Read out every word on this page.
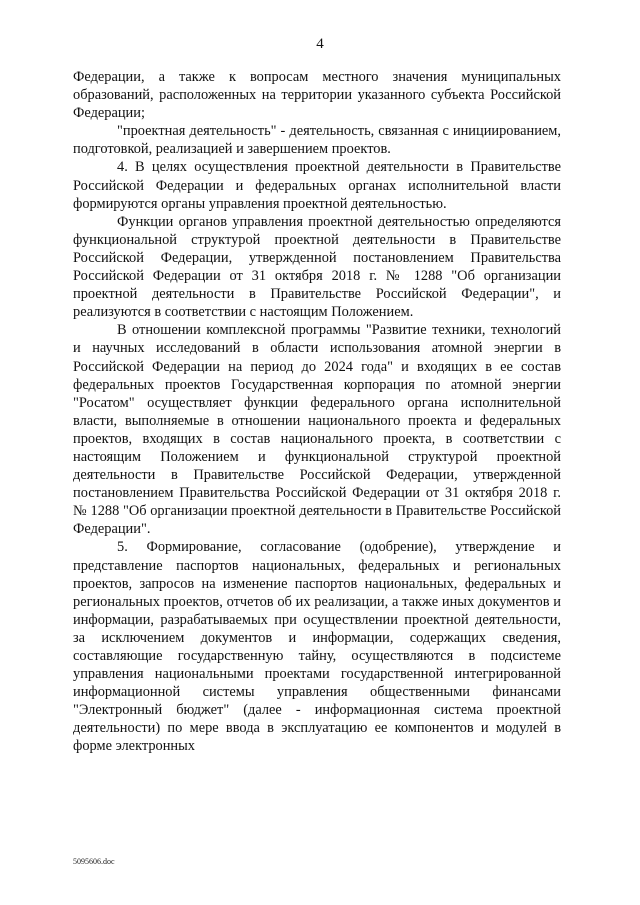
4

Федерации, а также к вопросам местного значения муниципальных образований, расположенных на территории указанного субъекта Российской Федерации;

"проектная деятельность" - деятельность, связанная с инициированием, подготовкой, реализацией и завершением проектов.

4. В целях осуществления проектной деятельности в Правительстве Российской Федерации и федеральных органах исполнительной власти формируются органы управления проектной деятельностью.

Функции органов управления проектной деятельностью определяются функциональной структурой проектной деятельности в Правительстве Российской Федерации, утвержденной постановлением Правительства Российской Федерации от 31 октября 2018 г. № 1288 "Об организации проектной деятельности в Правительстве Российской Федерации", и реализуются в соответствии с настоящим Положением.

В отношении комплексной программы "Развитие техники, технологий и научных исследований в области использования атомной энергии в Российской Федерации на период до 2024 года" и входящих в ее состав федеральных проектов Государственная корпорация по атомной энергии "Росатом" осуществляет функции федерального органа исполнительной власти, выполняемые в отношении национального проекта и федеральных проектов, входящих в состав национального проекта, в соответствии с настоящим Положением и функциональной структурой проектной деятельности в Правительстве Российской Федерации, утвержденной постановлением Правительства Российской Федерации от 31 октября 2018 г. № 1288 "Об организации проектной деятельности в Правительстве Российской Федерации".

5. Формирование, согласование (одобрение), утверждение и представление паспортов национальных, федеральных и региональных проектов, запросов на изменение паспортов национальных, федеральных и региональных проектов, отчетов об их реализации, а также иных документов и информации, разрабатываемых при осуществлении проектной деятельности, за исключением документов и информации, содержащих сведения, составляющие государственную тайну, осуществляются в подсистеме управления национальными проектами государственной интегрированной информационной системы управления общественными финансами "Электронный бюджет" (далее - информационная система проектной деятельности) по мере ввода в эксплуатацию ее компонентов и модулей в форме электронных

5095606.doc
